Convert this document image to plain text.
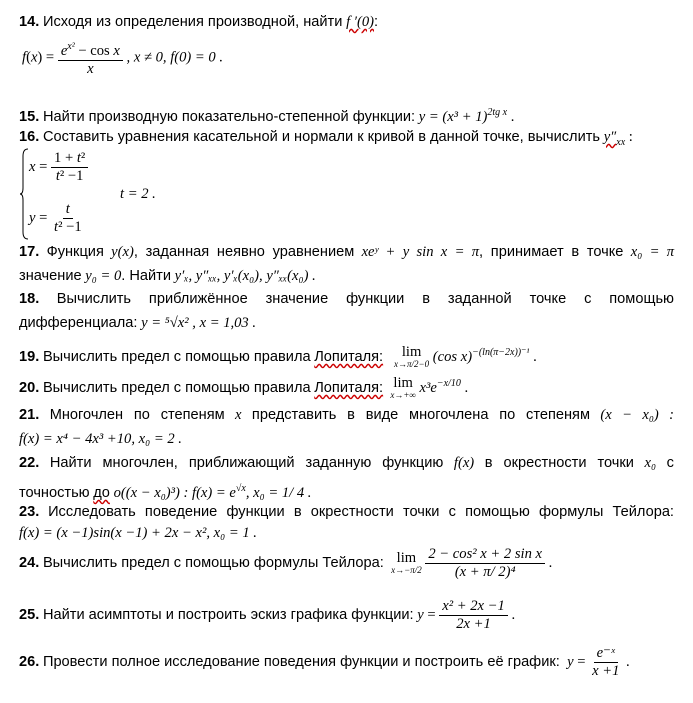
14. Исходя из определения производной, найти f ′(0):
$f(x) = \frac{e^{x^2} - \cos x}{x}$ , x ≠ 0, f(0) = 0 .
15. Найти производную показательно-степенной функции: $y = (x^3 + 1)^{2tg x}$ .
16. Составить уравнения касательной и нормали к кривой в данной точке, вычислить $y''_{xx}$ :
$x = \frac{\text{1 + t²}}{\text{t² −1}}$
t = 2 .
$y = \frac{t}{\text{t² −1}}$
17. Функция y(x), заданная неявно уравнением xeʸ + y sin x = π, принимает в точке x₀ = π
значение y₀ = 0. Найти y′ₓ, y″ₓₓ, y′ₓ(x₀), y″ₓₓ(x₀) .
18. Вычислить приближённое значение функции в заданной точке с помощью
дифференциала: y = ⁵√x² , x = 1,03 .
19. Вычислить предел с помощью правила Лопиталя: lim
x→π/2−0 (cos x)$^{-(ln(\pi-2x))^{-1}}$ .
20. Вычислить предел с помощью правила Лопиталя: lim
x→+∞ $x^3e^{-x/10}$ .
21. Многочлен по степеням x представить в виде многочлена по степеням (x − x₀) :
f(x) = x⁴ − 4x³ +10, x₀ = 2 .
22. Найти многочлен, приближающий заданную функцию f(x) в окрестности точки x₀ с
точностью до o((x − x₀)³) : $f(x) = e^{√x}$, x₀ = 1/ 4 .
23. Исследовать поведение функции в окрестности точки с помощью формулы Тейлора:
f(x) = (x −1)sin(x −1) + 2x − x², x₀ = 1 .
24. Вычислить предел с помощью формулы Тейлора: lim
x→−π/2
$\frac{\text{2 − cos² x + 2 sin x}}{\text{(x + π/ 2)⁴}}$ .
25. Найти асимптоты и построить эскиз графика функции: $y = \frac{\text{x² + 2x −1}}{2x +1}$ .
26. Провести полное исследование поведения функции и построить её график: $y = \frac{\text{e⁻ˣ}}{x +1}$ .
